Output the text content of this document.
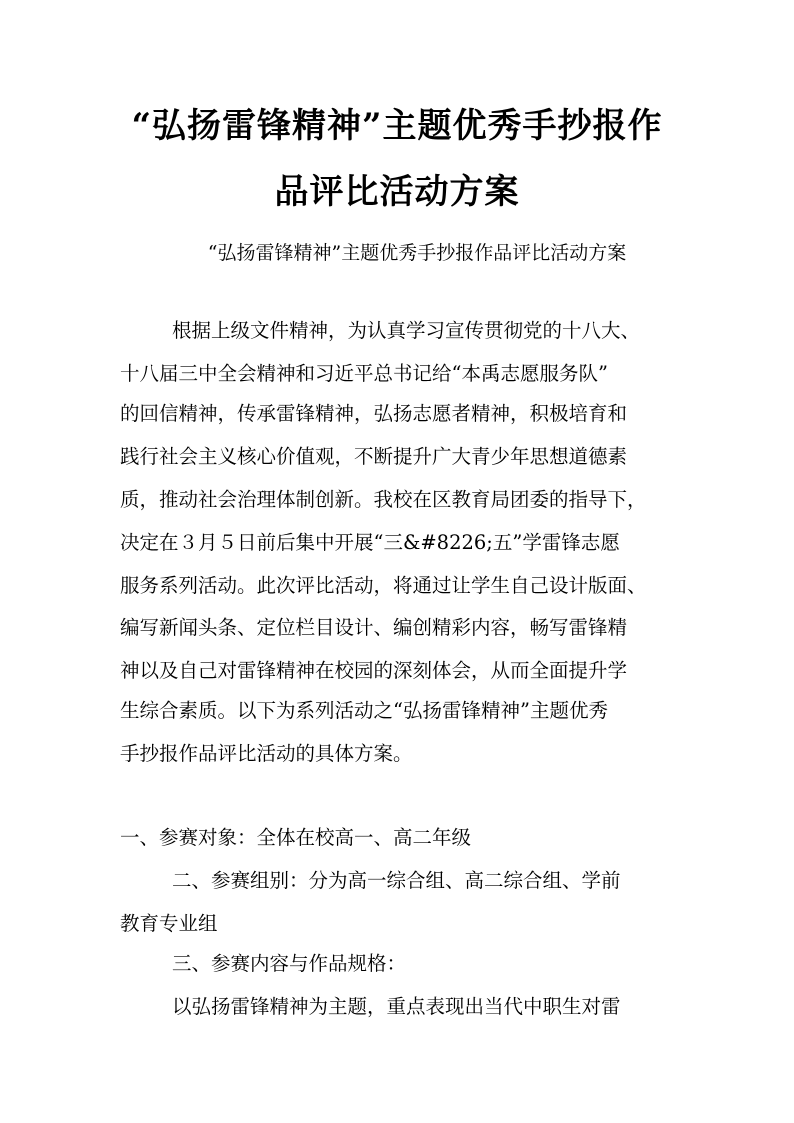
“弘扬雷锋精神”主题优秀手抄报作
品评比活动方案
“弘扬雷锋精神”主题优秀手抄报作品评比活动方案
根据上级文件精神，为认真学习宣传贯彻党的十八大、
十八届三中全会精神和习近平总书记给“本禹志愿服务队”
的回信精神，传承雷锋精神，弘扬志愿者精神，积极培育和
践行社会主义核心价值观，不断提升广大青少年思想道德素
质，推动社会治理体制创新。我校在区教育局团委的指导下，
决定在３月５日前后集中开展“三&#8226;五”学雷锋志愿
服务系列活动。此次评比活动，将通过让学生自己设计版面、
编写新闻头条、定位栏目设计、编创精彩内容，畅写雷锋精
神以及自己对雷锋精神在校园的深刻体会，从而全面提升学
生综合素质。以下为系列活动之“弘扬雷锋精神”主题优秀
手抄报作品评比活动的具体方案。
一、参赛对象：全体在校高一、高二年级
二、参赛组别：分为高一综合组、高二综合组、学前
教育专业组
三、参赛内容与作品规格：
以弘扬雷锋精神为主题，重点表现出当代中职生对雷
